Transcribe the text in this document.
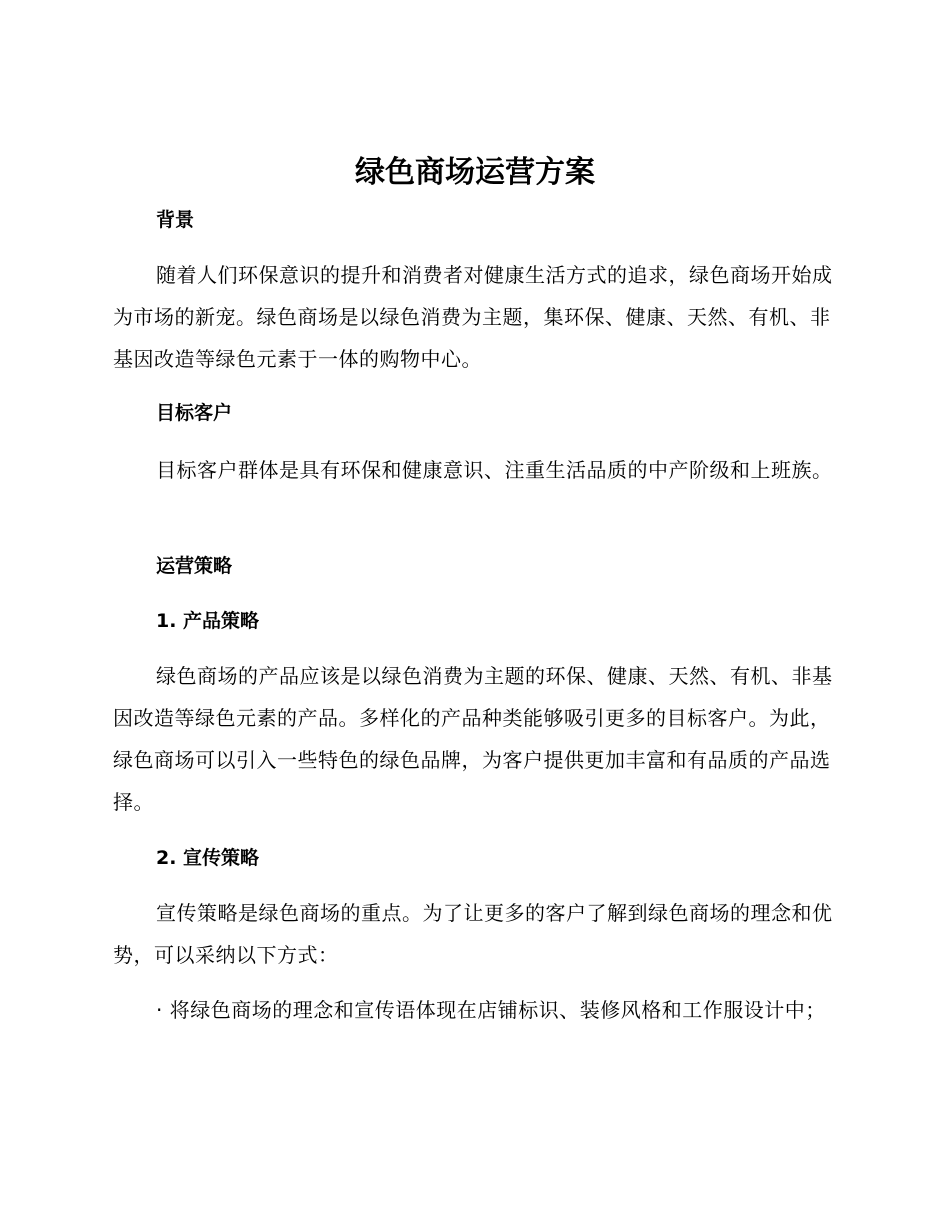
绿色商场运营方案
背景

随着人们环保意识的提升和消费者对健康生活方式的追求，绿色商场开始成为市场的新宠。绿色商场是以绿色消费为主题，集环保、健康、天然、有机、非基因改造等绿色元素于一体的购物中心。

目标客户

目标客户群体是具有环保和健康意识、注重生活品质的中产阶级和上班族。

运营策略
1. 产品策略

绿色商场的产品应该是以绿色消费为主题的环保、健康、天然、有机、非基因改造等绿色元素的产品。多样化的产品种类能够吸引更多的目标客户。为此，绿色商场可以引入一些特色的绿色品牌，为客户提供更加丰富和有品质的产品选择。

2. 宣传策略

宣传策略是绿色商场的重点。为了让更多的客户了解到绿色商场的理念和优势，可以采纳以下方式：

· 将绿色商场的理念和宣传语体现在店铺标识、装修风格和工作服设计中；
